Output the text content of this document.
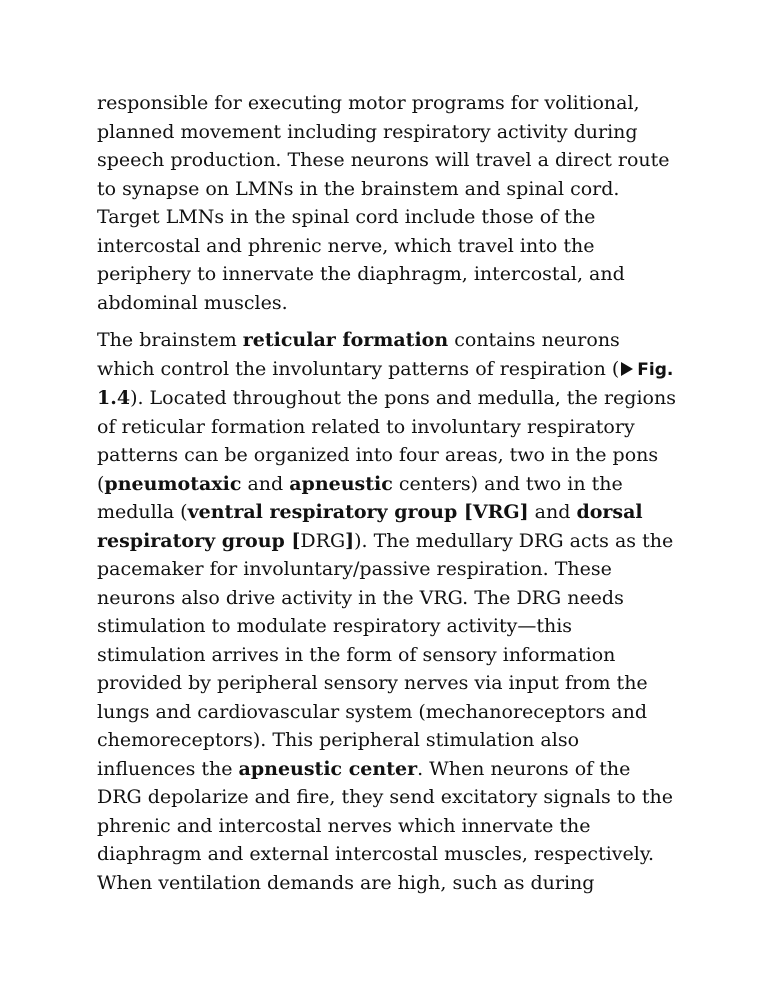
responsible for executing motor programs for volitional,
planned movement including respiratory activity during
speech production. These neurons will travel a direct route
to synapse on LMNs in the brainstem and spinal cord.
Target LMNs in the spinal cord include those of the
intercostal and phrenic nerve, which travel into the
periphery to innervate the diaphragm, intercostal, and
abdominal muscles.

The brainstem reticular formation contains neurons
which control the involuntary patterns of respiration ( Fig.
1.4). Located throughout the pons and medulla, the regions
of reticular formation related to involuntary respiratory
patterns can be organized into four areas, two in the pons
(pneumotaxic and apneustic centers) and two in the
medulla (ventral respiratory group [VRG] and dorsal
respiratory group [DRG]). The medullary DRG acts as the
pacemaker for involuntary/passive respiration. These
neurons also drive activity in the VRG. The DRG needs
stimulation to modulate respiratory activity—this
stimulation arrives in the form of sensory information
provided by peripheral sensory nerves via input from the
lungs and cardiovascular system (mechanoreceptors and
chemoreceptors). This peripheral stimulation also
influences the apneustic center. When neurons of the
DRG depolarize and fire, they send excitatory signals to the
phrenic and intercostal nerves which innervate the
diaphragm and external intercostal muscles, respectively.
When ventilation demands are high, such as during
